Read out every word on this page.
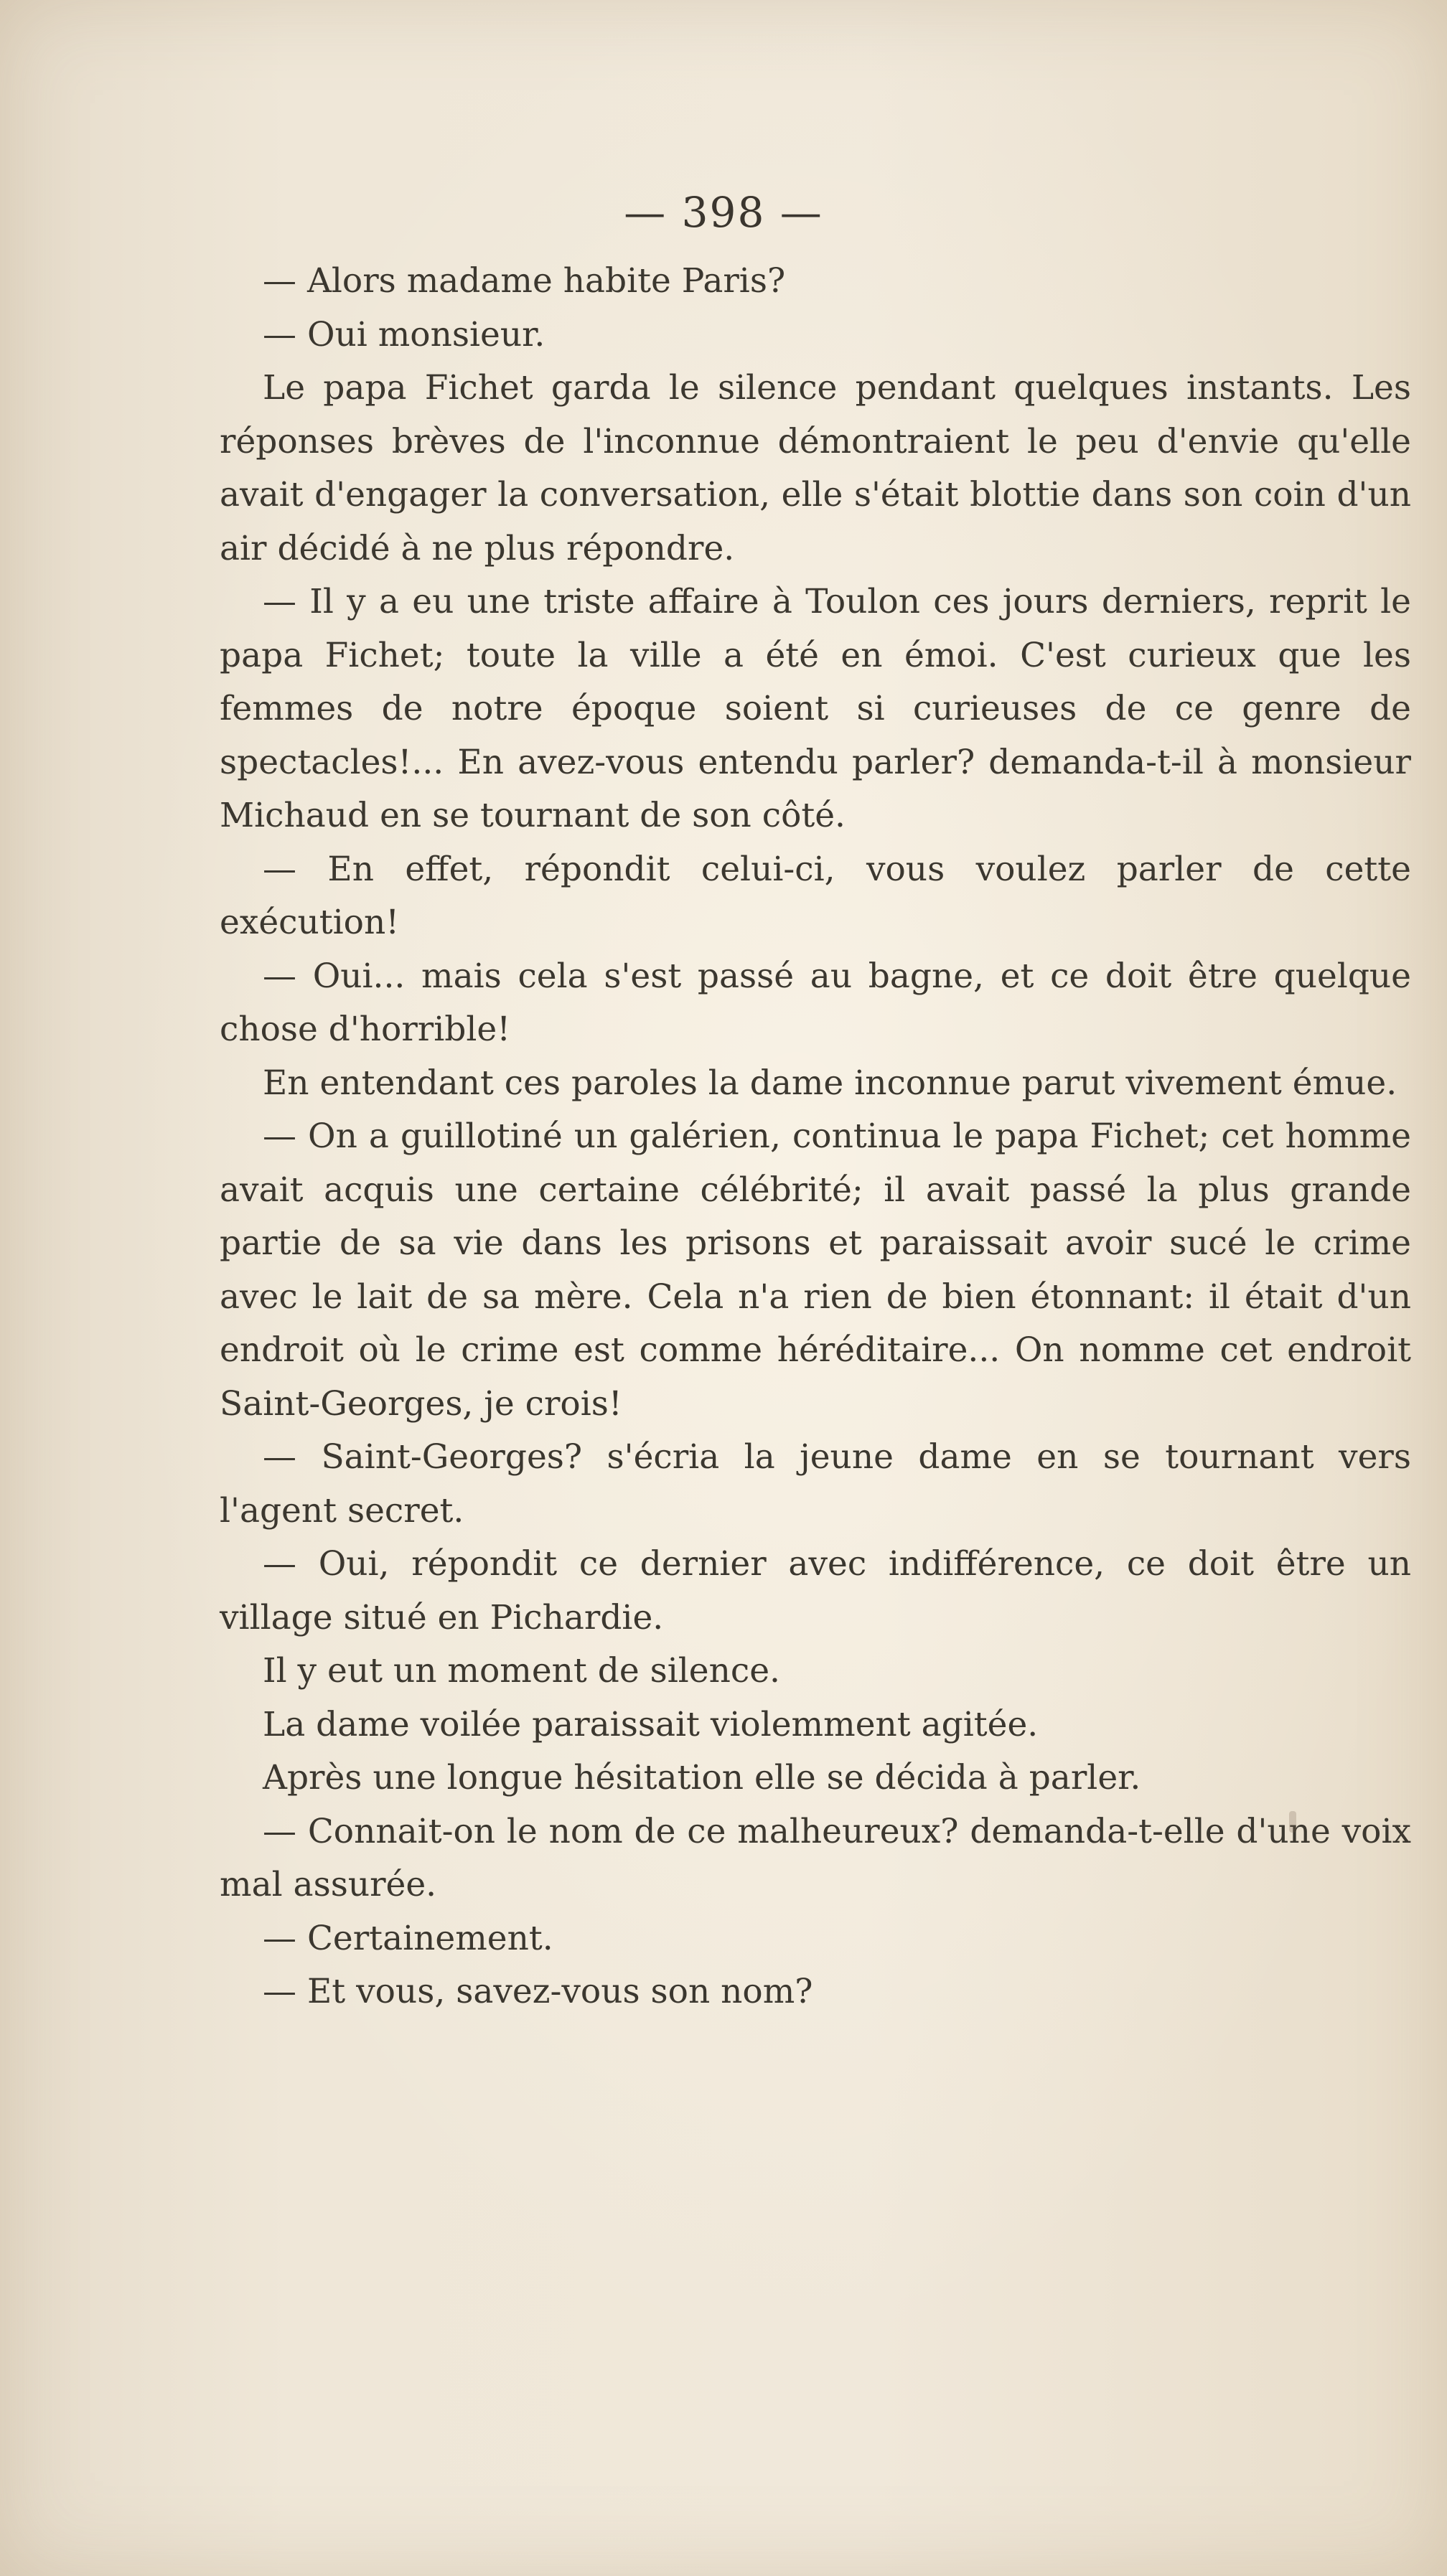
— 398 —

— Alors madame habite Paris?

— Oui monsieur.

Le papa Fichet garda le silence pendant quelques instants. Les réponses brèves de l'inconnue démontraient le peu d'envie qu'elle avait d'engager la conversation, elle s'était blottie dans son coin d'un air décidé à ne plus répondre.

— Il y a eu une triste affaire à Toulon ces jours derniers, reprit le papa Fichet; toute la ville a été en émoi. C'est curieux que les femmes de notre époque soient si curieuses de ce genre de spectacles!... En avez-vous entendu parler? demanda-t-il à monsieur Michaud en se tournant de son côté.

— En effet, répondit celui-ci, vous voulez parler de cette exécution!

— Oui... mais cela s'est passé au bagne, et ce doit être quelque chose d'horrible!

En entendant ces paroles la dame inconnue parut vivement émue.

— On a guillotiné un galérien, continua le papa Fichet; cet homme avait acquis une certaine célébrité; il avait passé la plus grande partie de sa vie dans les prisons et paraissait avoir sucé le crime avec le lait de sa mère. Cela n'a rien de bien étonnant: il était d'un endroit où le crime est comme héréditaire... On nomme cet endroit Saint-Georges, je crois!

— Saint-Georges? s'écria la jeune dame en se tournant vers l'agent secret.

— Oui, répondit ce dernier avec indifférence, ce doit être un village situé en Pichardie.

Il y eut un moment de silence.

La dame voilée paraissait violemment agitée.

Après une longue hésitation elle se décida à parler.

— Connait-on le nom de ce malheureux? demanda-t-elle d'une voix mal assurée.

— Certainement.

— Et vous, savez-vous son nom?
